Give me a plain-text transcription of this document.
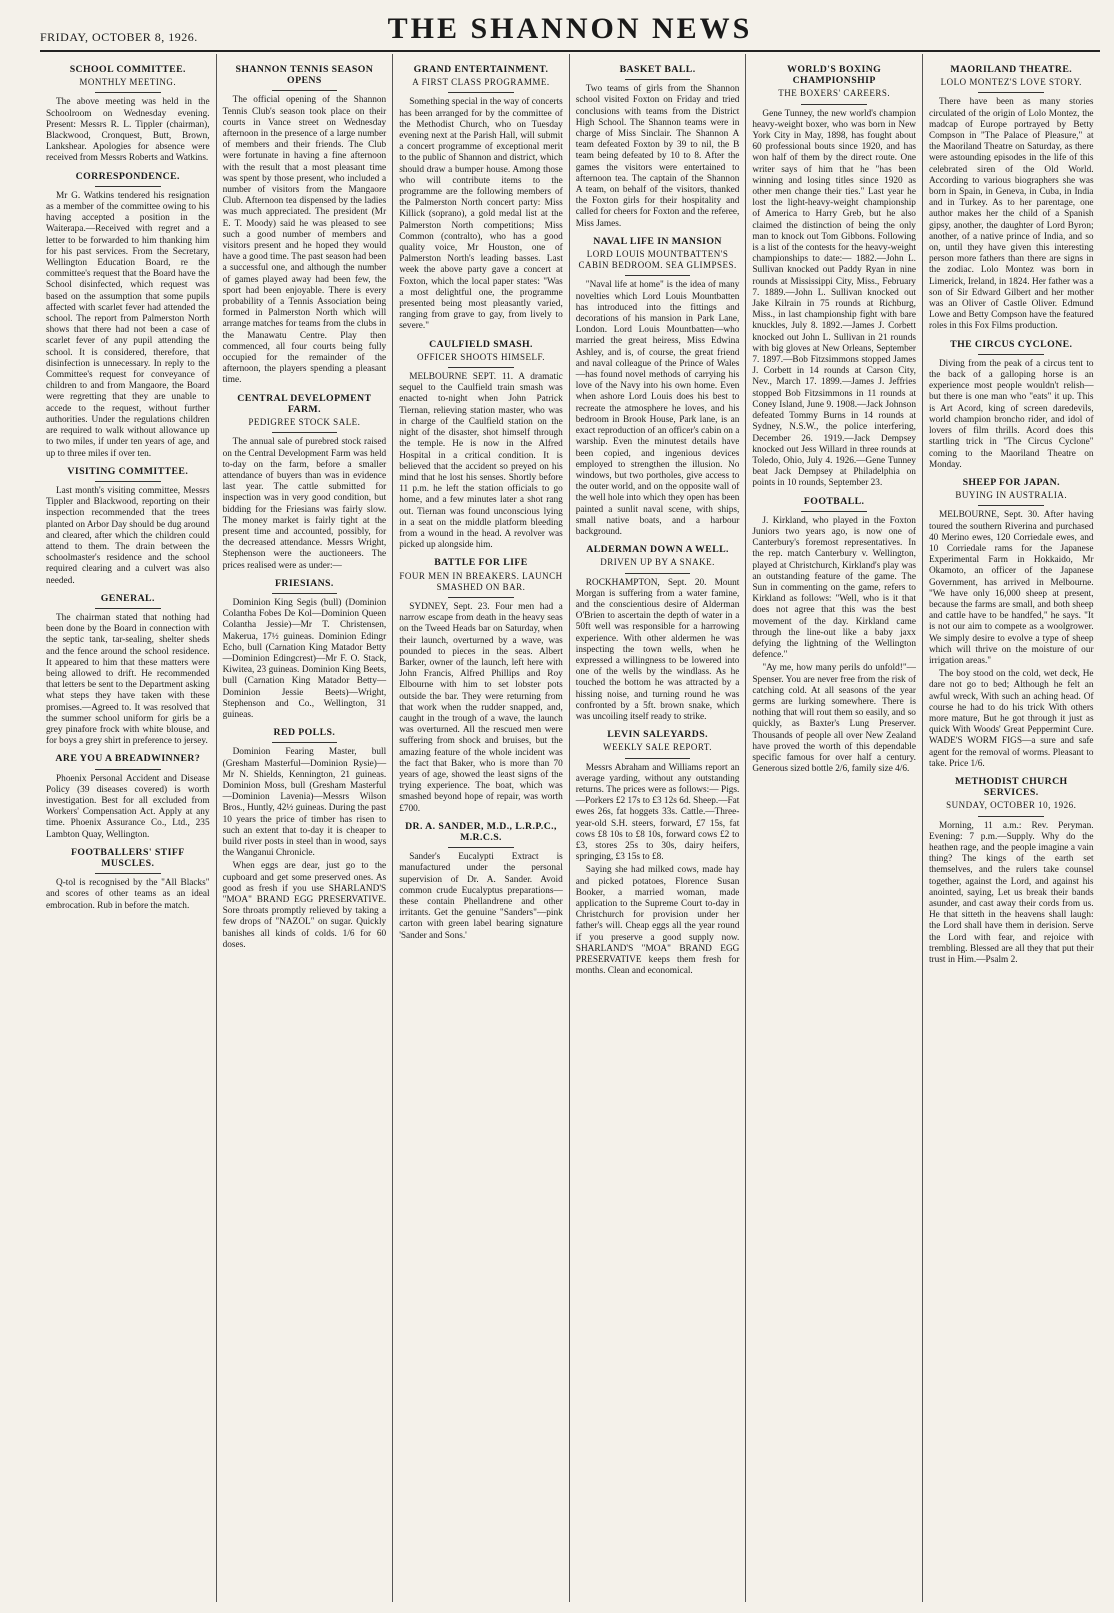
FRIDAY, OCTOBER 8, 1926.	THE SHANNON NEWS
SCHOOL COMMITTEE.
MONTHLY MEETING.
The above meeting was held in the Schoolroom on Wednesday evening. Present: Messrs R. L. Tippler (chairman), Blackwood, Cronquest, Butt, Brown, Lankshear. Apologies for absence were received from Messrs Roberts and Watkins.
CORRESPONDENCE.
Mr G. Watkins tendered his resignation as a member of the committee owing to his having accepted a position in the Waiterapa.—Received with regret and a letter to be forwarded to him thanking him for his past services. From the Secretary, Wellington Education Board, re the committee's request that the Board have the School disinfected, which request was based on the assumption that some pupils affected with scarlet fever had attended the school. The report from Palmerston North shows that there had not been a case of scarlet fever of any pupil attending the school. It is considered, therefore, that disinfection is unnecessary. In reply to the Committee's request for conveyance of children to and from Mangaore, the Board were regretting that they are unable to accede to the request, without further authorities. Under the regulations children are required to walk without allowance up to two miles, if under ten years of age, and up to three miles if over ten.
VISITING COMMITTEE.
Last month's visiting committee, Messrs Tippler and Blackwood, reporting on their inspection recommended that the trees planted on Arbor Day should be dug around and cleared, after which the children could attend to them. The drain between the schoolmaster's residence and the school required clearing and a culvert was also needed.
GENERAL.
The chairman stated that nothing had been done by the Board in connection with the septic tank, tar-sealing, shelter sheds and the fence around the school residence. It appeared to him that these matters were being allowed to drift. He recommended that letters be sent to the Department asking what steps they have taken with these promises.—Agreed to. It was resolved that the summer school uniform for girls be a grey pinafore frock with white blouse, and for boys a grey shirt in preference to jersey.
ARE YOU A BREADWINNER?
Phoenix Personal Accident and Disease Policy (39 diseases covered) is worth investigation. Best for all excluded from Workers' Compensation Act. Apply at any time. Phoenix Assurance Co., Ltd., 235 Lambton Quay, Wellington.
FOOTBALLERS' STIFF MUSCLES.
Q-tol is recognised by the "All Blacks" and scores of other teams as an ideal embrocation. Rub in before the match.
SHANNON TENNIS SEASON OPENS
The official opening of the Shannon Tennis Club's season took place on their courts in Vance street on Wednesday afternoon in the presence of a large number of members and their friends. The Club were fortunate in having a fine afternoon with the result that a most pleasant time was spent by those present, who included a number of visitors from the Mangaore Club. Afternoon tea dispensed by the ladies was much appreciated. The president (Mr E. T. Moody) said he was pleased to see such a good number of members and visitors present and he hoped they would have a good time. The past season had been a successful one, and although the number of games played away had been few, the sport had been enjoyable. There is every probability of a Tennis Association being formed in Palmerston North which will arrange matches for teams from the clubs in the Manawatu Centre. Play then commenced, all four courts being fully occupied for the remainder of the afternoon, the players spending a pleasant time.
CENTRAL DEVELOPMENT FARM.
PEDIGREE STOCK SALE.
The annual sale of purebred stock raised on the Central Development Farm was held to-day on the farm, before a smaller attendance of buyers than was in evidence last year. The cattle submitted for inspection was in very good condition, but bidding for the Friesians was fairly slow. The money market is fairly tight at the present time and accounted, possibly, for the decreased attendance. Messrs Wright, Stephenson were the auctioneers. The prices realised were as under:—
FRIESIANS.
Dominion King Segis (bull) (Dominion Colantha Fobes De Kol—Dominion Queen Colantha Jessie)—Mr T. Christensen, Makerua, 17½ guineas. Dominion Edingr Echo, bull (Carnation King Matador Betty—Dominion Edingcrest)—Mr F. O. Stack, Kiwitea, 23 guineas. Dominion King Beets, bull (Carnation King Matador Betty—Dominion Jessie Beets)—Wright, Stephenson and Co., Wellington, 31 guineas.
RED POLLS.
Dominion Fearing Master, bull (Gresham Masterful—Dominion Rysie)—Mr N. Shields, Kennington, 21 guineas. Dominion Moss, bull (Gresham Masterful—Dominion Lavenia)—Messrs Wilson Bros., Huntly, 42½ guineas. During the past 10 years the price of timber has risen to such an extent that to-day it is cheaper to build river posts in steel than in wood, says the Wanganui Chronicle.
When eggs are dear, just go to the cupboard and get some preserved ones. As good as fresh if you use SHARLAND'S "MOA" BRAND EGG PRESERVATIVE. Sore throats promptly relieved by taking a few drops of "NAZOL" on sugar. Quickly banishes all kinds of colds. 1/6 for 60 doses.
GRAND ENTERTAINMENT.
A FIRST CLASS PROGRAMME.
Something special in the way of concerts has been arranged for by the committee of the Methodist Church, who on Tuesday evening next at the Parish Hall, will submit a concert programme of exceptional merit to the public of Shannon and district, which should draw a bumper house. Among those who will contribute items to the programme are the following members of the Palmerston North concert party: Miss Killick (soprano), a gold medal list at the Palmerston North competitions; Miss Common (contralto), who has a good quality voice, Mr Houston, one of Palmerston North's leading basses. Last week the above party gave a concert at Foxton, which the local paper states: "Was a most delightful one, the programme presented being most pleasantly varied, ranging from grave to gay, from lively to severe."
CAULFIELD SMASH.
OFFICER SHOOTS HIMSELF.
MELBOURNE SEPT. 11. A dramatic sequel to the Caulfield train smash was enacted to-night when John Patrick Tiernan, relieving station master, who was in charge of the Caulfield station on the night of the disaster, shot himself through the temple. He is now in the Alfred Hospital in a critical condition. It is believed that the accident so preyed on his mind that he lost his senses. Shortly before 11 p.m. he left the station officials to go home, and a few minutes later a shot rang out. Tiernan was found unconscious lying in a seat on the middle platform bleeding from a wound in the head. A revolver was picked up alongside him.
BATTLE FOR LIFE
FOUR MEN IN BREAKERS. LAUNCH SMASHED ON BAR.
SYDNEY, Sept. 23. Four men had a narrow escape from death in the heavy seas on the Tweed Heads bar on Saturday, when their launch, overturned by a wave, was pounded to pieces in the seas. Albert Barker, owner of the launch, left here with John Francis, Alfred Phillips and Roy Elbourne with him to set lobster pots outside the bar. They were returning from that work when the rudder snapped, and, caught in the trough of a wave, the launch was overturned. All the rescued men were suffering from shock and bruises, but the amazing feature of the whole incident was the fact that Baker, who is more than 70 years of age, showed the least signs of the trying experience. The boat, which was smashed beyond hope of repair, was worth £700.
DR. A. SANDER, M.D., L.R.P.C., M.R.C.S.
Sander's Eucalypti Extract is manufactured under the personal supervision of Dr. A. Sander. Avoid common crude Eucalyptus preparations—these contain Phellandrene and other irritants. Get the genuine "Sanders"—pink carton with green label bearing signature 'Sander and Sons.'
BASKET BALL.
Two teams of girls from the Shannon school visited Foxton on Friday and tried conclusions with teams from the District High School. The Shannon teams were in charge of Miss Sinclair. The Shannon A team defeated Foxton by 39 to nil, the B team being defeated by 10 to 8. After the games the visitors were entertained to afternoon tea. The captain of the Shannon A team, on behalf of the visitors, thanked the Foxton girls for their hospitality and called for cheers for Foxton and the referee, Miss James.
NAVAL LIFE IN MANSION
LORD LOUIS MOUNTBATTEN'S CABIN BEDROOM. SEA GLIMPSES.
"Naval life at home" is the idea of many novelties which Lord Louis Mountbatten has introduced into the fittings and decorations of his mansion in Park Lane, London. Lord Louis Mountbatten—who married the great heiress, Miss Edwina Ashley, and is, of course, the great friend and naval colleague of the Prince of Wales—has found novel methods of carrying his love of the Navy into his own home. Even when ashore Lord Louis does his best to recreate the atmosphere he loves, and his bedroom in Brook House, Park lane, is an exact reproduction of an officer's cabin on a warship. Even the minutest details have been copied, and ingenious devices employed to strengthen the illusion. No windows, but two portholes, give access to the outer world, and on the opposite wall of the well hole into which they open has been painted a sunlit naval scene, with ships, small native boats, and a harbour background.
ALDERMAN DOWN A WELL.
DRIVEN UP BY A SNAKE.
ROCKHAMPTON, Sept. 20. Mount Morgan is suffering from a water famine, and the conscientious desire of Alderman O'Brien to ascertain the depth of water in a 50ft well was responsible for a harrowing experience. With other aldermen he was inspecting the town wells, when he expressed a willingness to be lowered into one of the wells by the windlass. As he touched the bottom he was attracted by a hissing noise, and turning round he was confronted by a 5ft. brown snake, which was uncoiling itself ready to strike.
LEVIN SALEYARDS.
WEEKLY SALE REPORT.
Messrs Abraham and Williams report an average yarding, without any outstanding returns. The prices were as follows:— Pigs.—Porkers £2 17s to £3 12s 6d. Sheep.—Fat ewes 26s, fat hoggets 33s. Cattle.—Three-year-old S.H. steers, forward, £7 15s, fat cows £8 10s to £8 10s, forward cows £2 to £3, stores 25s to 30s, dairy heifers, springing, £3 15s to £8.
Saying she had milked cows, made hay and picked potatoes, Florence Susan Booker, a married woman, made application to the Supreme Court to-day in Christchurch for provision under her father's will. Cheap eggs all the year round if you preserve a good supply now. SHARLAND'S "MOA" BRAND EGG PRESERVATIVE keeps them fresh for months. Clean and economical.
WORLD'S BOXING CHAMPIONSHIP
THE BOXERS' CAREERS.
Gene Tunney, the new world's champion heavy-weight boxer, who was born in New York City in May, 1898, has fought about 60 professional bouts since 1920, and has won half of them by the direct route. One writer says of him that he "has been winning and losing titles since 1920 as other men change their ties." Last year he lost the light-heavy-weight championship of America to Harry Greb, but he also claimed the distinction of being the only man to knock out Tom Gibbons. Following is a list of the contests for the heavy-weight championships to date:— 1882.—John L. Sullivan knocked out Paddy Ryan in nine rounds at Mississippi City, Miss., February 7. 1889.—John L. Sullivan knocked out Jake Kilrain in 75 rounds at Richburg, Miss., in last championship fight with bare knuckles, July 8. 1892.—James J. Corbett knocked out John L. Sullivan in 21 rounds with big gloves at New Orleans, September 7. 1897.—Bob Fitzsimmons stopped James J. Corbett in 14 rounds at Carson City, Nev., March 17. 1899.—James J. Jeffries stopped Bob Fitzsimmons in 11 rounds at Coney Island, June 9. 1908.—Jack Johnson defeated Tommy Burns in 14 rounds at Sydney, N.S.W., the police interfering, December 26. 1919.—Jack Dempsey knocked out Jess Willard in three rounds at Toledo, Ohio, July 4. 1926.—Gene Tunney beat Jack Dempsey at Philadelphia on points in 10 rounds, September 23.
FOOTBALL.
J. Kirkland, who played in the Foxton Juniors two years ago, is now one of Canterbury's foremost representatives. In the rep. match Canterbury v. Wellington, played at Christchurch, Kirkland's play was an outstanding feature of the game. The Sun in commenting on the game, refers to Kirkland as follows: "Well, who is it that does not agree that this was the best movement of the day. Kirkland came through the line-out like a baby jaxx defying the lightning of the Wellington defence."
"Ay me, how many perils do unfold!"—Spenser. You are never free from the risk of catching cold. At all seasons of the year germs are lurking somewhere. There is nothing that will rout them so easily, and so quickly, as Baxter's Lung Preserver. Thousands of people all over New Zealand have proved the worth of this dependable specific famous for over half a century. Generous sized bottle 2/6, family size 4/6.
MAORILAND THEATRE.
LOLO MONTEZ'S LOVE STORY.
There have been as many stories circulated of the origin of Lolo Montez, the madcap of Europe portrayed by Betty Compson in "The Palace of Pleasure," at the Maoriland Theatre on Saturday, as there were astounding episodes in the life of this celebrated siren of the Old World. According to various biographers she was born in Spain, in Geneva, in Cuba, in India and in Turkey. As to her parentage, one author makes her the child of a Spanish gipsy, another, the daughter of Lord Byron; another, of a native prince of India, and so on, until they have given this interesting person more fathers than there are signs in the zodiac. Lolo Montez was born in Limerick, Ireland, in 1824. Her father was a son of Sir Edward Gilbert and her mother was an Oliver of Castle Oliver. Edmund Lowe and Betty Compson have the featured roles in this Fox Films production.
THE CIRCUS CYCLONE.
Diving from the peak of a circus tent to the back of a galloping horse is an experience most people wouldn't relish—but there is one man who "eats" it up. This is Art Acord, king of screen daredevils, world champion broncho rider, and idol of lovers of film thrills. Acord does this startling trick in "The Circus Cyclone" coming to the Maoriland Theatre on Monday.
SHEEP FOR JAPAN.
BUYING IN AUSTRALIA.
MELBOURNE, Sept. 30. After having toured the southern Riverina and purchased 40 Merino ewes, 120 Corriedale ewes, and 10 Corriedale rams for the Japanese Experimental Farm in Hokkaido, Mr Okamoto, an officer of the Japanese Government, has arrived in Melbourne. "We have only 16,000 sheep at present, because the farms are small, and both sheep and cattle have to be handfed," he says. "It is not our aim to compete as a woolgrower. We simply desire to evolve a type of sheep which will thrive on the moisture of our irrigation areas."
The boy stood on the cold, wet deck, He dare not go to bed; Although he felt an awful wreck, With such an aching head. Of course he had to do his trick With others more mature, But he got through it just as quick With Woods' Great Peppermint Cure. WADE'S WORM FIGS—a sure and safe agent for the removal of worms. Pleasant to take. Price 1/6.
METHODIST CHURCH SERVICES.
SUNDAY, OCTOBER 10, 1926.
Morning, 11 a.m.: Rev. Peryman. Evening: 7 p.m.—Supply. Why do the heathen rage, and the people imagine a vain thing? The kings of the earth set themselves, and the rulers take counsel together, against the Lord, and against his anointed, saying, Let us break their bands asunder, and cast away their cords from us. He that sitteth in the heavens shall laugh: the Lord shall have them in derision. Serve the Lord with fear, and rejoice with trembling. Blessed are all they that put their trust in Him.—Psalm 2.
